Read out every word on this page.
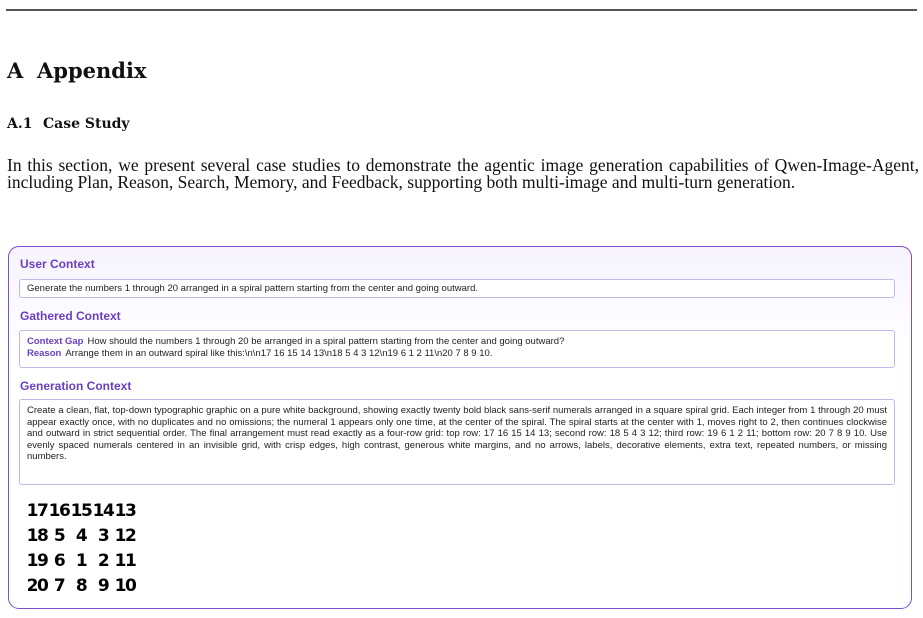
A Appendix
A.1 Case Study

In this section, we present several case studies to demonstrate the agentic image generation capabilities of Qwen-Image-Agent, including Plan, Reason, Search, Memory, and Feedback, supporting both multi-image and multi-turn generation.

User Context
Generate the numbers 1 through 20 arranged in a spiral pattern starting from the center and going outward.
Gathered Context
Context Gap How should the numbers 1 through 20 be arranged in a spiral pattern starting from the center and going outward?
Reason Arrange them in an outward spiral like this:\n\n17 16 15 14 13\n18 5 4 3 12\n19 6 1 2 11\n20 7 8 9 10.
Generation Context

Create a clean, flat, top-down typographic graphic on a pure white background, showing exactly twenty bold black sans-serif numerals arranged in a square spiral grid. Each integer from 1 through 20 must appear exactly once, with no duplicates and no omissions; the numeral 1 appears only one time, at the center of the spiral. The spiral starts at the center with 1, moves right to 2, then continues clockwise and outward in strict sequential order. The final arrangement must read exactly as a four-row grid: top row: 17 16 15 14 13; second row: 18 5 4 3 12; third row: 19 6 1 2 11; bottom row: 20 7 8 9 10. Use evenly spaced numerals centered in an invisible grid, with crisp edges, high contrast, generous white margins, and no arrows, labels, decorative elements, extra text, repeated numbers, or missing numbers.

1716151413
18 5 4 3 12
19 6 1 2 11
20 7 8 9 10
